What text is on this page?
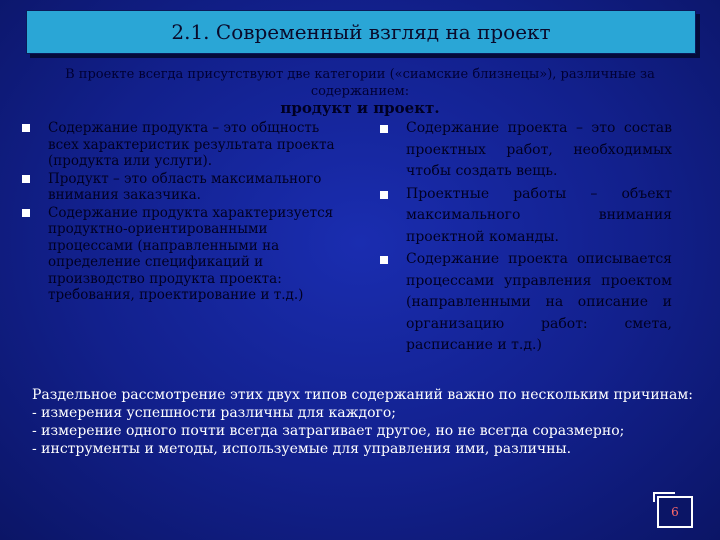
2.1. Современный взгляд на проект
В проекте всегда присутствуют две категории («сиамские близнецы»), различные за содержанием:
продукт и проект.
Содержание продукта – это общность всех характеристик результата проекта (продукта или услуги).
Продукт – это область максимального внимания заказчика.
Содержание продукта характеризуется продуктно-ориентированными процессами (направленными на определение спецификаций и производство продукта проекта: требования, проектирование и т.д.)
Содержание проекта – это состав проектных работ, необходимых чтобы создать вещь.
Проектные работы – объект максимального внимания проектной команды.
Содержание проекта описывается процессами управления проектом (направленными на описание и организацию работ: смета, расписание и т.д.)
Раздельное рассмотрение этих двух типов содержаний важно по нескольким причинам:
- измерения успешности различны для каждого;
- измерение одного почти всегда затрагивает другое, но не всегда соразмерно;
- инструменты и методы, используемые для управления ими, различны.
6
